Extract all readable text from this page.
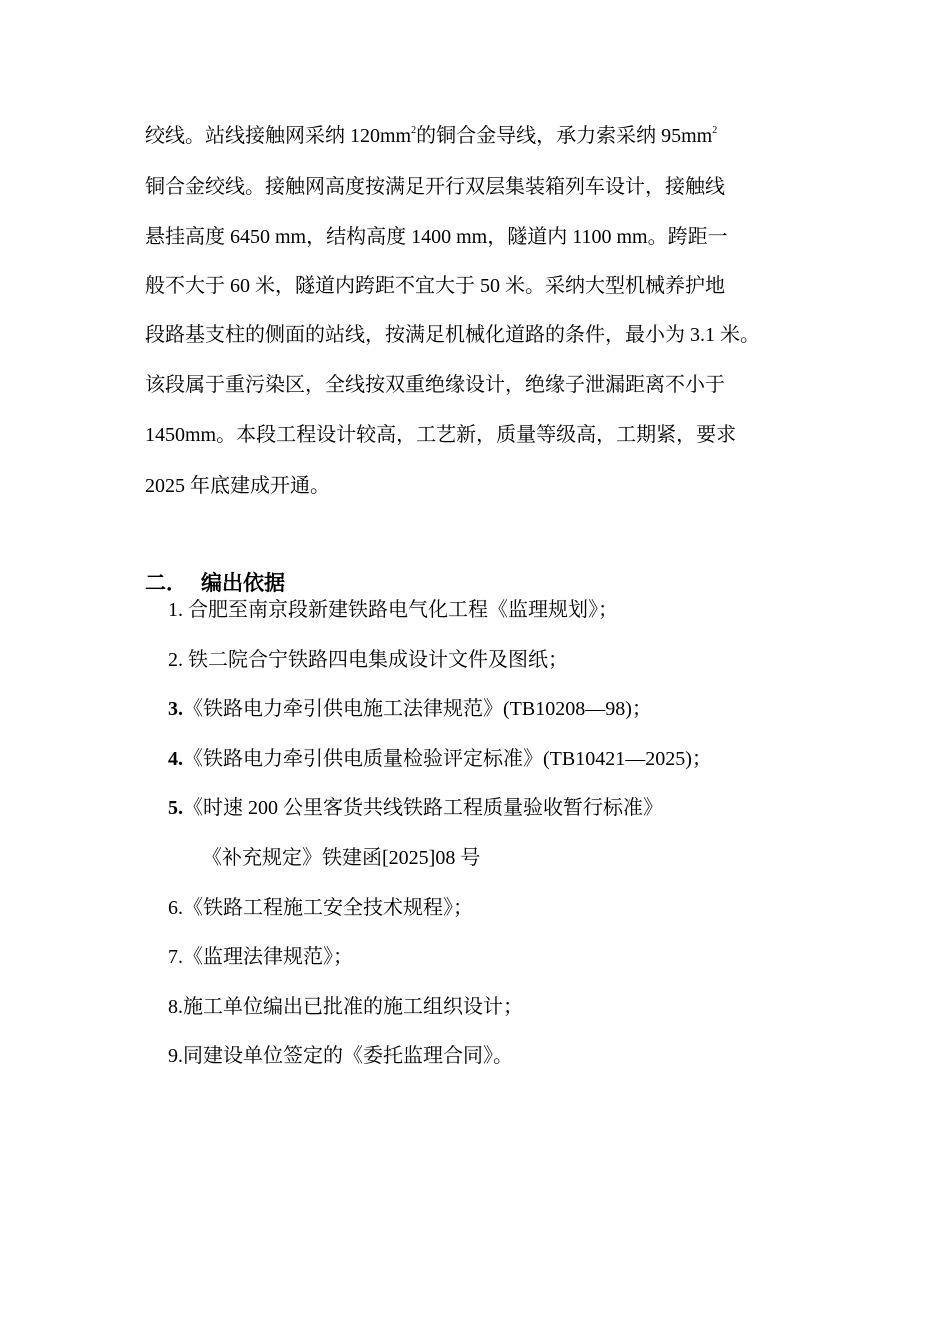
绞线。站线接触网采纳 $120mm^2$的铜合金导线，承力索采纳 $95mm^2$
铜合金绞线。接触网高度按满足开行双层集装箱列车设计，接触线
悬挂高度 6450 mm，结构高度 1400 mm，隧道内 1100 mm。跨距一
般不大于 60 米，隧道内跨距不宜大于 50 米。采纳大型机械养护地
段路基支柱的侧面的站线，按满足机械化道路的条件，最小为 3.1 米。
该段属于重污染区，全线按双重绝缘设计，绝缘子泄漏距离不小于
1450mm。本段工程设计较高，工艺新，质量等级高，工期紧，要求
2025 年底建成开通。
二． 编出依据
1. 合肥至南京段新建铁路电气化工程《监理规划》；
2. 铁二院合宁铁路四电集成设计文件及图纸；
3.《铁路电力牵引供电施工法律规范》(TB10208—98)；
4.《铁路电力牵引供电质量检验评定标准》(TB10421—2025)；
5.《时速 200 公里客货共线铁路工程质量验收暂行标准》
《补充规定》铁建函[2025]08 号
6.《铁路工程施工安全技术规程》；
7.《监理法律规范》；
8.施工单位编出已批准的施工组织设计；
9.同建设单位签定的《委托监理合同》。
